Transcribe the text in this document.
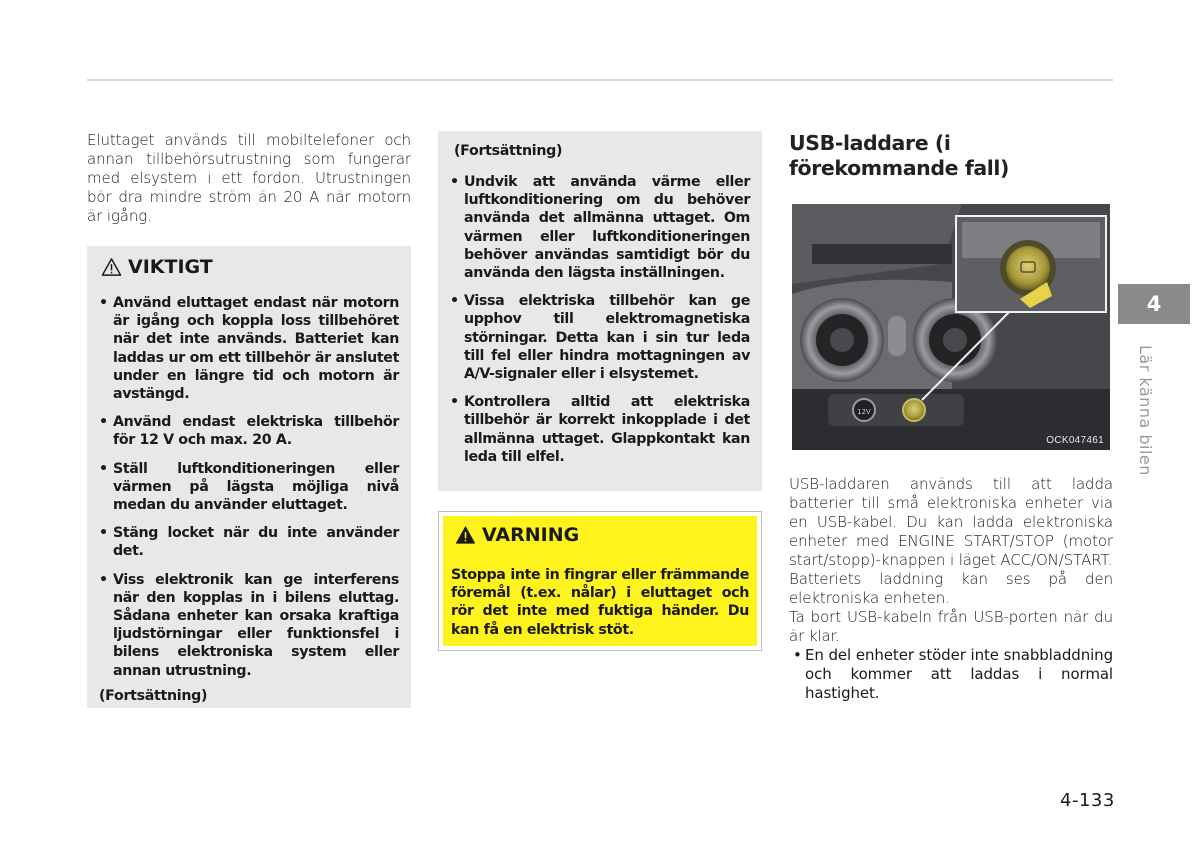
Eluttaget används till mobiltelefoner och annan tillbehörsutrustning som fungerar med elsystem i ett fordon. Utrustningen bör dra mindre ström än 20 A när motorn är igång.

VIKTIGT
• Använd eluttaget endast när motorn är igång och koppla loss tillbehöret när det inte används. Batteriet kan laddas ur om ett tillbehör är anslutet under en längre tid och motorn är avstängd.
• Använd endast elektriska tillbehör för 12 V och max. 20 A.
• Ställ luftkonditioneringen eller värmen på lägsta möjliga nivå medan du använder eluttaget.
• Stäng locket när du inte använder det.
• Viss elektronik kan ge interferens när den kopplas in i bilens eluttag. Sådana enheter kan orsaka kraftiga ljudstörningar eller funktionsfel i bilens elektroniska system eller annan utrustning.

(Fortsättning)

(Fortsättning)

• Undvik att använda värme eller luftkonditionering om du behöver använda det allmänna uttaget. Om värmen eller luftkonditioneringen behöver användas samtidigt bör du använda den lägsta inställningen.
• Vissa elektriska tillbehör kan ge upphov till elektromagnetiska störningar. Detta kan i sin tur leda till fel eller hindra mottagningen av A/V-signaler eller i elsystemet.
• Kontrollera alltid att elektriska tillbehör är korrekt inkopplade i det allmänna uttaget. Glappkontakt kan leda till elfel.
VARNING

Stoppa inte in fingrar eller främmande föremål (t.ex. nålar) i eluttaget och rör det inte med fuktiga händer. Du kan få en elektrisk stöt.

USB-laddare (i förekommande fall)
12V
OCK047461

USB-laddaren används till att ladda batterier till små elektroniska enheter via en USB-kabel. Du kan ladda elektroniska enheter med ENGINE START/STOP (motor start/stopp)-knappen i läget ACC/ON/START.

Batteriets laddning kan ses på den elektroniska enheten.

Ta bort USB-kabeln från USB-porten när du är klar.

• En del enheter stöder inte snabbladdning och kommer att laddas i normal hastighet.
4
Lär känna bilen
4-133
